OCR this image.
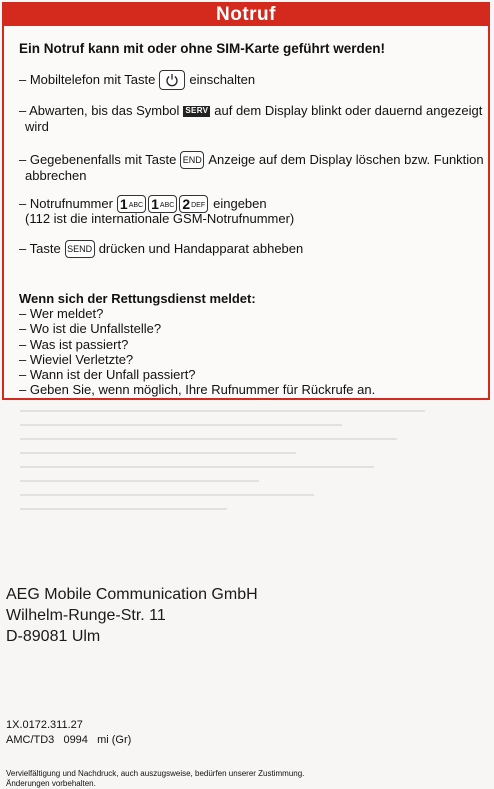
Notruf
Ein Notruf kann mit oder ohne SIM-Karte geführt werden!
– Mobiltelefon mit Taste	einschalten
– Abwarten, bis das Symbol SERV auf dem Display blinkt oder dauernd angezeigt
wird
– Gegebenenfalls mit Taste END Anzeige auf dem Display löschen bzw. Funktion
abbrechen
– Notrufnummer 1 ABC 1 ABC 2 DEF eingeben
(112 ist die internationale GSM-Notrufnummer)
– Taste SEND drücken und Handapparat abheben
Wenn sich der Rettungsdienst meldet:
– Wer meldet?
– Wo ist die Unfallstelle?
– Was ist passiert?
– Wieviel Verletzte?
– Wann ist der Unfall passiert?
– Geben Sie, wenn möglich, Ihre Rufnummer für Rückrufe an.
AEG Mobile Communication GmbH
Wilhelm-Runge-Str. 11
D-89081 Ulm
1X.0172.311.27
AMC/TD3   0994   mi (Gr)
Vervielfältigung und Nachdruck, auch auszugsweise, bedürfen unserer Zustimmung.
Änderungen vorbehalten.
